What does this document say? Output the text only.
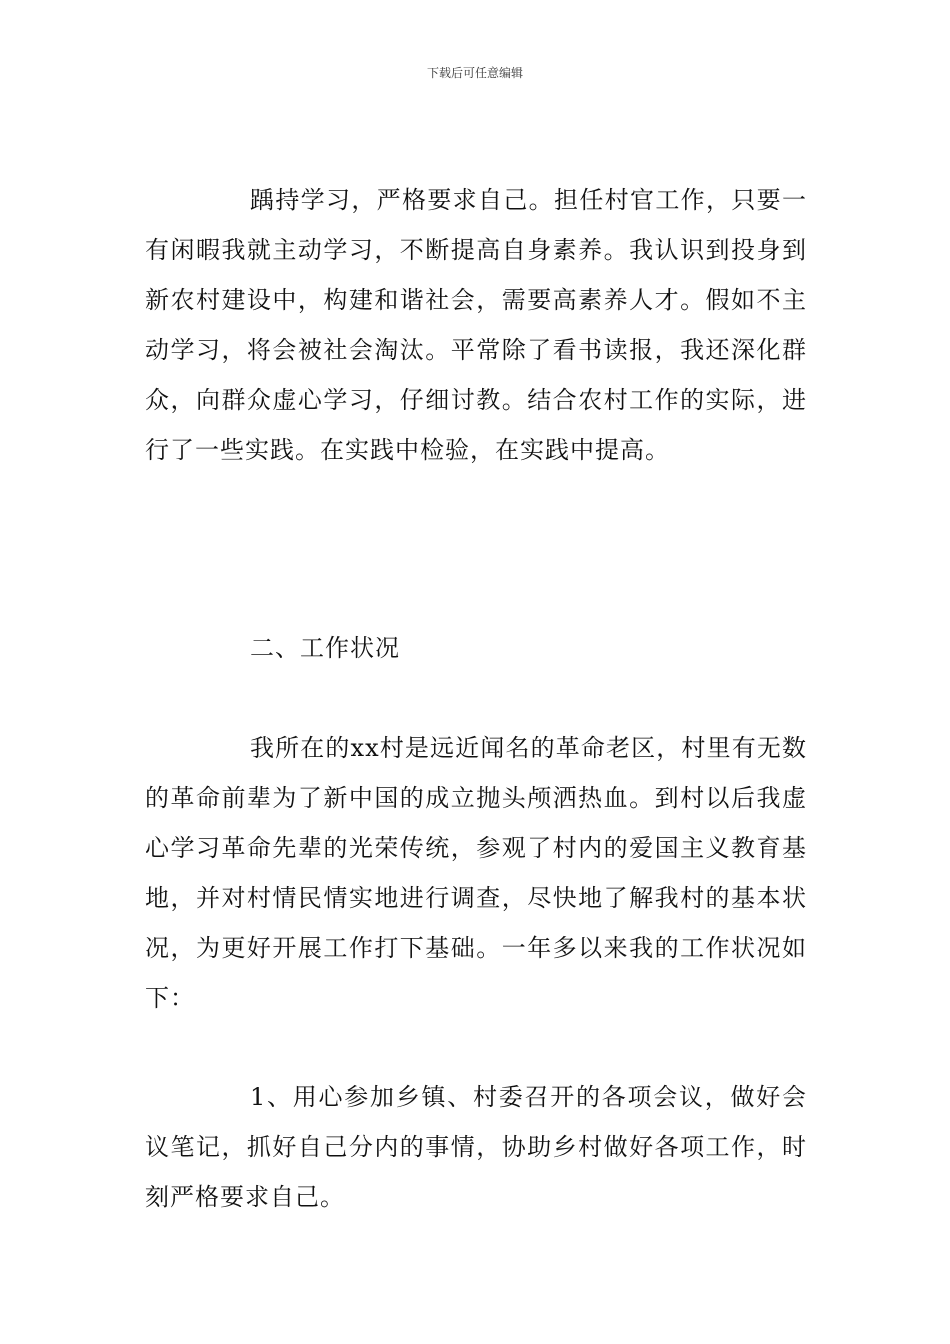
下载后可任意编辑

踽持学习，严格要求自己。担任村官工作，只要一有闲暇我就主动学习，不断提高自身素养。我认识到投身到新农村建设中，构建和谐社会，需要高素养人才。假如不主动学习，将会被社会淘汰。平常除了看书读报，我还深化群众，向群众虚心学习，仔细讨教。结合农村工作的实际，进行了一些实践。在实践中检验，在实践中提高。

二、工作状况

我所在的xx村是远近闻名的革命老区，村里有无数的革命前辈为了新中国的成立抛头颅洒热血。到村以后我虚心学习革命先辈的光荣传统，参观了村内的爱国主义教育基地，并对村情民情实地进行调查，尽快地了解我村的基本状况，为更好开展工作打下基础。一年多以来我的工作状况如下：

1、用心参加乡镇、村委召开的各项会议，做好会议笔记，抓好自己分内的事情，协助乡村做好各项工作，时刻严格要求自己。
